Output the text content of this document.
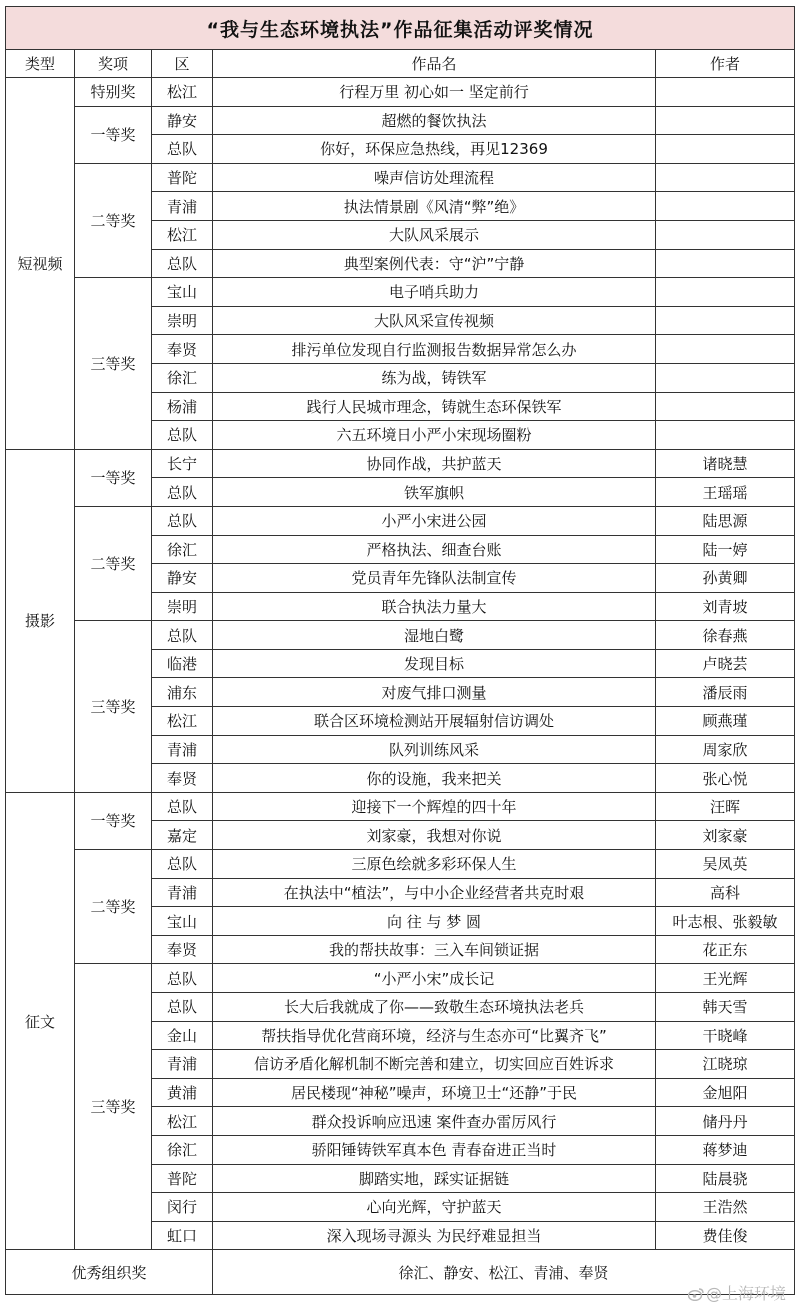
“我与生态环境执法”作品征集活动评奖情况				
类型	奖项	区	作品名	作者
短视频	特别奖	松江	行程万里 初心如一 坚定前行	
	一等奖	静安	超燃的餐饮执法	
		总队	你好，环保应急热线，再见12369	
	二等奖	普陀	噪声信访处理流程	
		青浦	执法情景剧《风清“弊”绝》	
		松江	大队风采展示	
		总队	典型案例代表：守“沪”宁静	
	三等奖	宝山	电子哨兵助力	
		崇明	大队风采宣传视频	
		奉贤	排污单位发现自行监测报告数据异常怎么办	
		徐汇	练为战，铸铁军	
		杨浦	践行人民城市理念，铸就生态环保铁军	
		总队	六五环境日小严小宋现场圈粉	
摄影	一等奖	长宁	协同作战，共护蓝天	诸晓慧
		总队	铁军旗帜	王瑶瑶
	二等奖	总队	小严小宋进公园	陆思源
		徐汇	严格执法、细查台账	陆一婷
		静安	党员青年先锋队法制宣传	孙黄卿
		崇明	联合执法力量大	刘青坡
	三等奖	总队	湿地白鹭	徐春燕
		临港	发现目标	卢晓芸
		浦东	对废气排口测量	潘辰雨
		松江	联合区环境检测站开展辐射信访调处	顾燕瑾
		青浦	队列训练风采	周家欣
		奉贤	你的设施，我来把关	张心悦
征文	一等奖	总队	迎接下一个辉煌的四十年	汪晖
		嘉定	刘家豪，我想对你说	刘家豪
	二等奖	总队	三原色绘就多彩环保人生	吴凤英
		青浦	在执法中“植法”，与中小企业经营者共克时艰	高科
		宝山	向 往 与 梦 圆	叶志根、张毅敏
		奉贤	我的帮扶故事：三入车间锁证据	花正东
	三等奖	总队	“小严小宋”成长记	王光辉
		总队	长大后我就成了你——致敬生态环境执法老兵	韩天雪
		金山	帮扶指导优化营商环境，经济与生态亦可“比翼齐飞”	干晓峰
		青浦	信访矛盾化解机制不断完善和建立，切实回应百姓诉求	江晓琼
		黄浦	居民楼现“神秘”噪声，环境卫士“还静”于民	金旭阳
		松江	群众投诉响应迅速 案件查办雷厉风行	储丹丹
		徐汇	骄阳锤铸铁军真本色 青春奋进正当时	蒋梦迪
		普陀	脚踏实地，踩实证据链	陆晨骁
		闵行	心向光辉，守护蓝天	王浩然
		虹口	深入现场寻源头 为民纾难显担当	费佳俊
优秀组织奖			徐汇、静安、松江、青浦、奉贤	
@上海环境
